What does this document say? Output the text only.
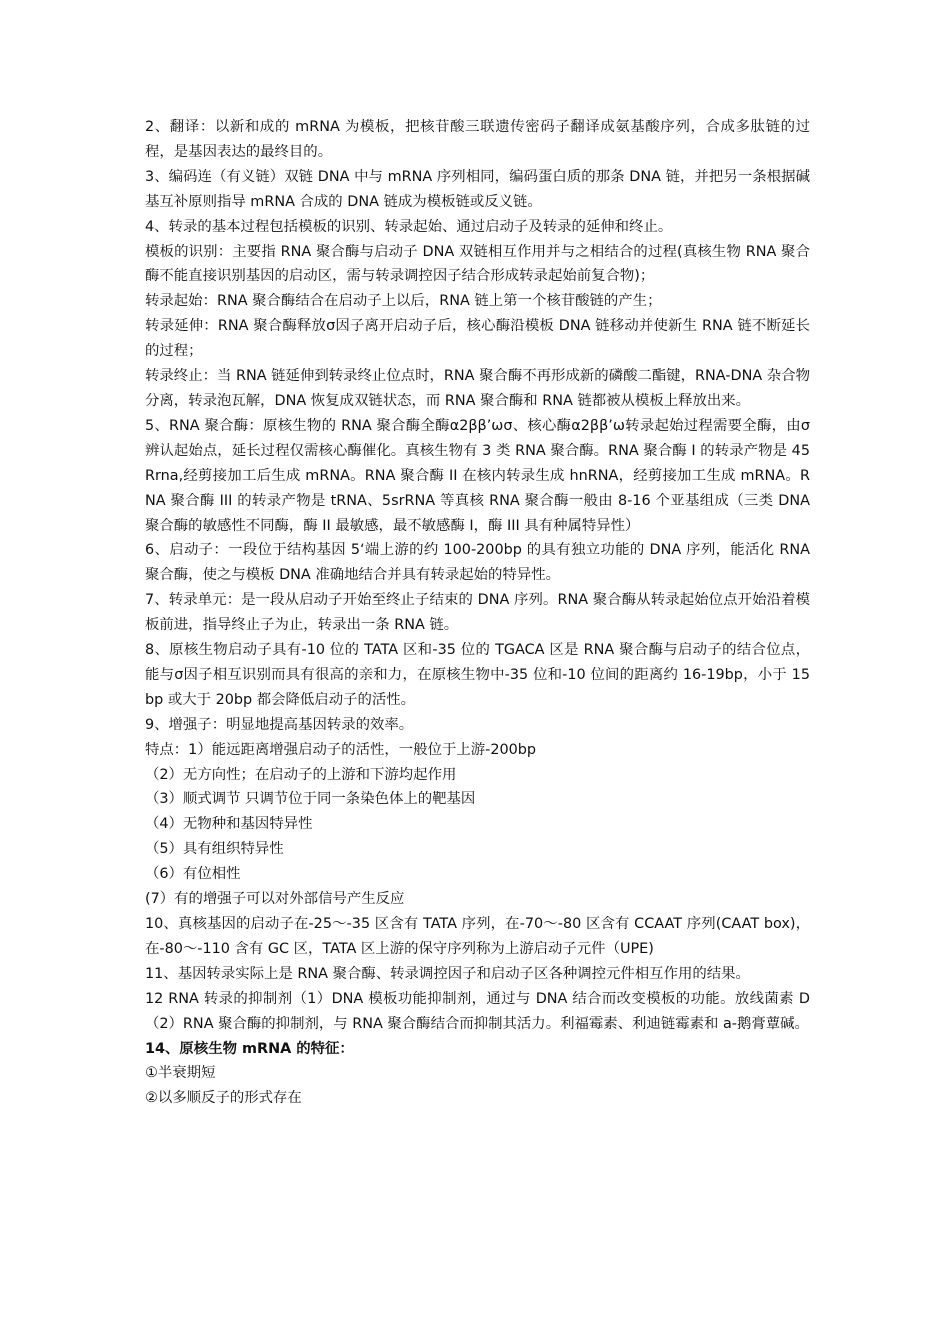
2、翻译：以新和成的 mRNA 为模板，把核苷酸三联遗传密码子翻译成氨基酸序列，合成多肽链的过程，是基因表达的最终目的。

3、编码连（有义链）双链 DNA 中与 mRNA 序列相同，编码蛋白质的那条 DNA 链，并把另一条根据碱基互补原则指导 mRNA 合成的 DNA 链成为模板链或反义链。

4、转录的基本过程包括模板的识别、转录起始、通过启动子及转录的延伸和终止。

模板的识别：主要指 RNA 聚合酶与启动子 DNA 双链相互作用并与之相结合的过程(真核生物 RNA 聚合酶不能直接识别基因的启动区，需与转录调控因子结合形成转录起始前复合物)；

转录起始：RNA 聚合酶结合在启动子上以后，RNA 链上第一个核苷酸链的产生；

转录延伸：RNA 聚合酶释放σ因子离开启动子后，核心酶沿模板 DNA 链移动并使新生 RNA 链不断延长的过程；

转录终止：当 RNA 链延伸到转录终止位点时，RNA 聚合酶不再形成新的磷酸二酯键，RNA-DNA 杂合物分离，转录泡瓦解，DNA 恢复成双链状态，而 RNA 聚合酶和 RNA 链都被从模板上释放出来。

5、RNA 聚合酶：原核生物的 RNA 聚合酶全酶α2ββ’ωσ、核心酶α2ββ’ω转录起始过程需要全酶，由σ辨认起始点，延长过程仅需核心酶催化。真核生物有 3 类 RNA 聚合酶。RNA 聚合酶 I 的转录产物是 45Rrna,经剪接加工后生成 mRNA。RNA 聚合酶 II 在核内转录生成 hnRNA，经剪接加工生成 mRNA。RNA 聚合酶 III 的转录产物是 tRNA、5srRNA 等真核 RNA 聚合酶一般由 8-16 个亚基组成（三类 DNA 聚合酶的敏感性不同酶，酶 II 最敏感，最不敏感酶 I，酶 III 具有种属特异性）

6、启动子：一段位于结构基因 5‘端上游的约 100-200bp 的具有独立功能的 DNA 序列，能活化 RNA 聚合酶，使之与模板 DNA 准确地结合并具有转录起始的特异性。

7、转录单元：是一段从启动子开始至终止子结束的 DNA 序列。RNA 聚合酶从转录起始位点开始沿着模板前进，指导终止子为止，转录出一条 RNA 链。

8、原核生物启动子具有-10 位的 TATA 区和-35 位的 TGACA 区是 RNA 聚合酶与启动子的结合位点，能与σ因子相互识别而具有很高的亲和力，在原核生物中-35 位和-10 位间的距离约 16-19bp，小于 15bp 或大于 20bp 都会降低启动子的活性。

9、增强子：明显地提高基因转录的效率。

特点：1）能远距离增强启动子的活性，一般位于上游-200bp

（2）无方向性；在启动子的上游和下游均起作用

（3）顺式调节 只调节位于同一条染色体上的靶基因

（4）无物种和基因特异性

（5）具有组织特异性

（6）有位相性

(7）有的增强子可以对外部信号产生反应

10、真核基因的启动子在-25～-35 区含有 TATA 序列，在-70～-80 区含有 CCAAT 序列(CAAT box)，在-80～-110 含有 GC 区，TATA 区上游的保守序列称为上游启动子元件（UPE)

11、基因转录实际上是 RNA 聚合酶、转录调控因子和启动子区各种调控元件相互作用的结果。

12 RNA 转录的抑制剂（1）DNA 模板功能抑制剂，通过与 DNA 结合而改变模板的功能。放线菌素 D（2）RNA 聚合酶的抑制剂，与 RNA 聚合酶结合而抑制其活力。利福霉素、利迪链霉素和 a-鹅膏蕈碱。

14、原核生物 mRNA 的特征：

①半衰期短

②以多顺反子的形式存在
